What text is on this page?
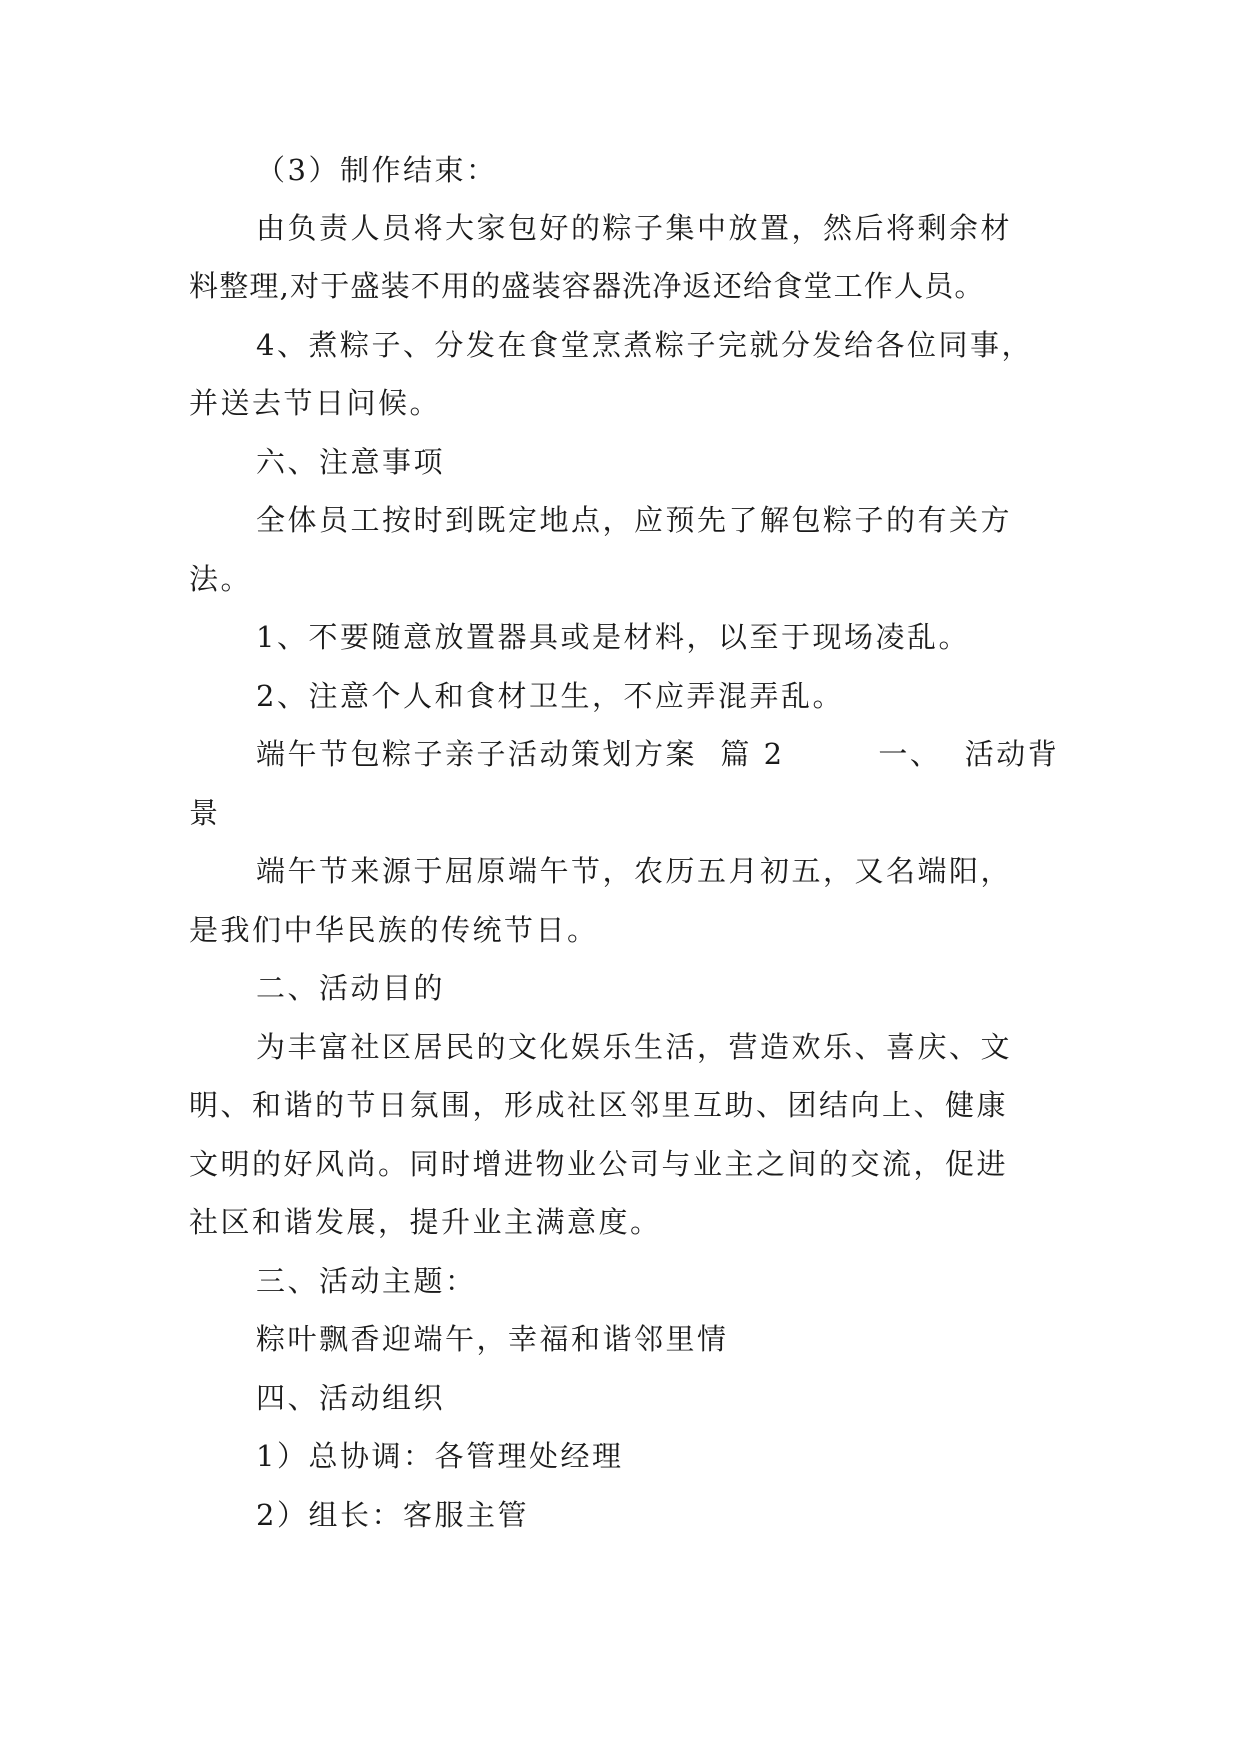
（3）制作结束：
由负责人员将大家包好的粽子集中放置，然后将剩余材
料整理,对于盛装不用的盛装容器洗净返还给食堂工作人员。
4、煮粽子、分发在食堂烹煮粽子完就分发给各位同事，
并送去节日问候。
六、注意事项
全体员工按时到既定地点，应预先了解包粽子的有关方
法。
1、不要随意放置器具或是材料，以至于现场凌乱。
2、注意个人和食材卫生，不应弄混弄乱。
端午节包粽子亲子活动策划方案  篇 2        一、  活动背
景
端午节来源于屈原端午节，农历五月初五，又名端阳，
是我们中华民族的传统节日。
二、活动目的
为丰富社区居民的文化娱乐生活，营造欢乐、喜庆、文
明、和谐的节日氛围，形成社区邻里互助、团结向上、健康
文明的好风尚。同时增进物业公司与业主之间的交流，促进
社区和谐发展，提升业主满意度。
三、活动主题：
粽叶飘香迎端午，幸福和谐邻里情
四、活动组织
1）总协调：各管理处经理
2）组长：客服主管
